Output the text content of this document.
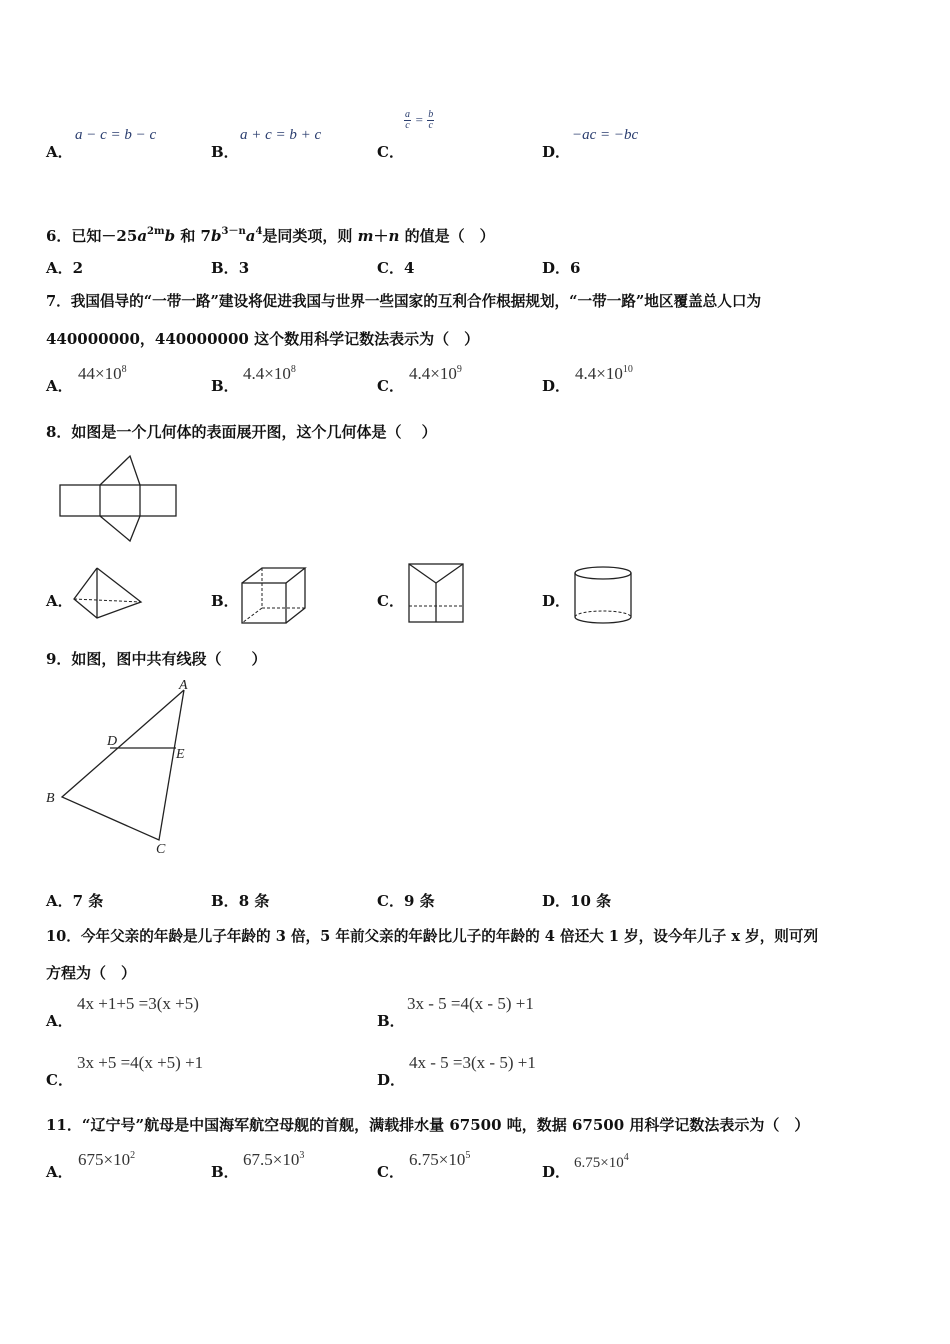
A．
a − c = b − c
B．
a + c = b + c
C．
$\frac{a}{c} = \frac{b}{c}$
D．
−ac = −bc
6．已知$-25a^{2m}b$ 和 $7b^{3-n}a^4$是同类项，则 m＋n 的值是（　）
A．2	B．3	C．4	D．6
7．我国倡导的“一带一路”建设将促进我国与世界一些国家的互利合作根据规划，“一带一路”地区覆盖总人口为
440000000，440000000 这个数用科学记数法表示为（　）
A．
$44\times 10^8$
B．
$4.4\times 10^8$
C．
$4.4\times 10^9$
D．
$4.4\times 10^{10}$
8．如图是一个几何体的表面展开图，这个几何体是（　 ）
A．	B．	C．	D．
9．如图，图中共有线段（　　）
A
D
E
B
C
A．7 条	B．8 条	C．9 条	D．10 条
10．今年父亲的年龄是儿子年龄的 3 倍，5 年前父亲的年龄比儿子的年龄的 4 倍还大 1 岁，设今年儿子 x 岁，则可列
方程为（　）
A．
4x +1+5 =3(x +5)
B．
3x - 5 =4(x - 5) +1
C．
3x +5 =4(x +5) +1
D．
4x - 5 =3(x - 5) +1
11．“辽宁号”航母是中国海军航空母舰的首舰，满载排水量 67500 吨，数据 67500 用科学记数法表示为（　）
A．
$675\times 10^2$
B．
$67.5\times 10^3$
C．
$6.75\times 10^5$
D． $6.75\times 10^4$
